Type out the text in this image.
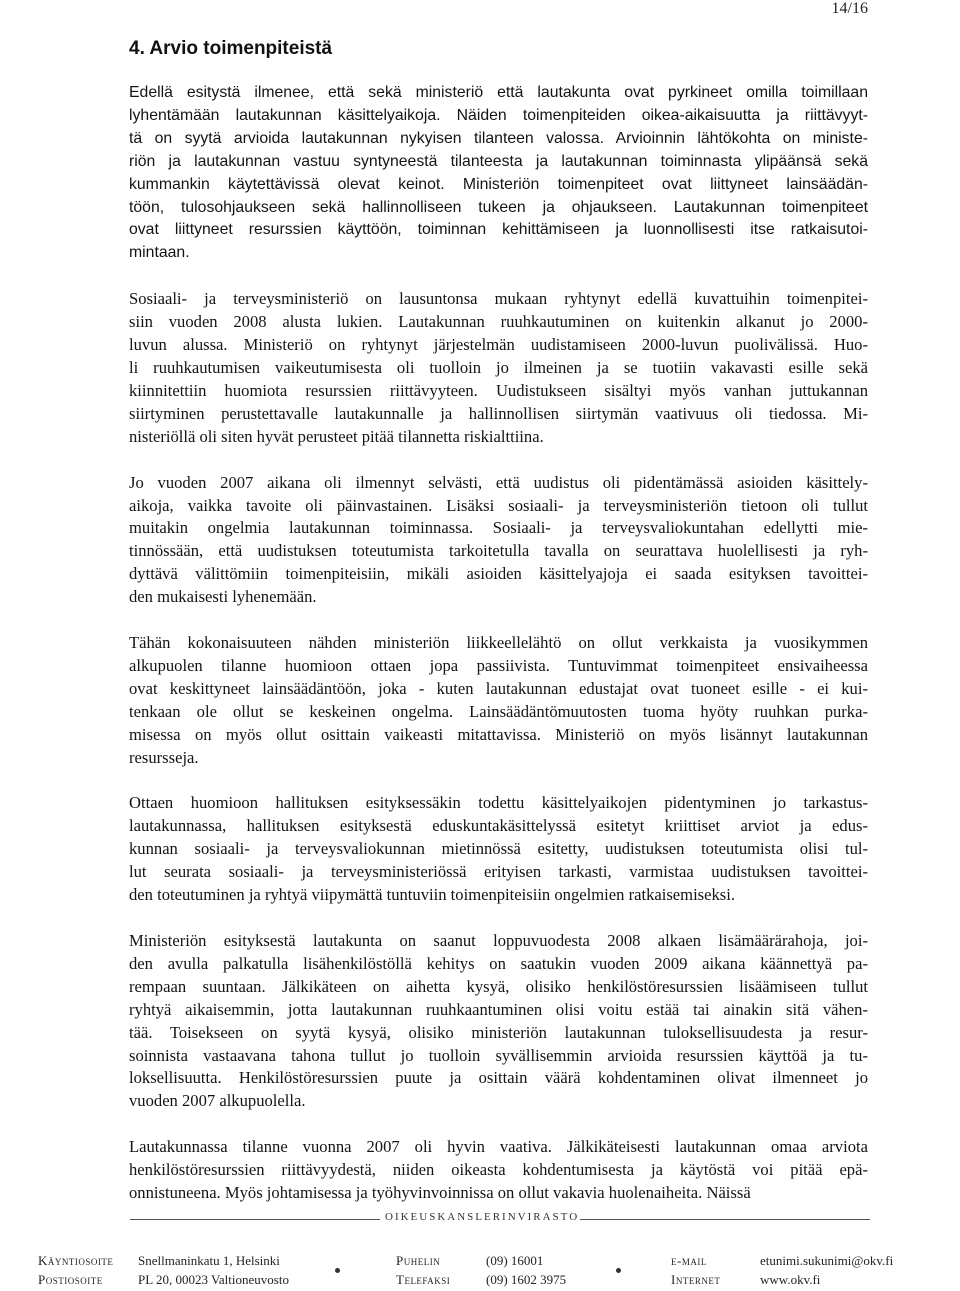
14/16
4. Arvio toimenpiteistä

Edellä esitystä ilmenee, että sekä ministeriö että lautakunta ovat pyrkineet omilla toimillaan
lyhentämään lautakunnan käsittelyaikoja. Näiden toimenpiteiden oikea-aikaisuutta ja riittävyyt-
tä on syytä arvioida lautakunnan nykyisen tilanteen valossa. Arvioinnin lähtökohta on ministe-
riön ja lautakunnan vastuu syntyneestä tilanteesta ja lautakunnan toiminnasta ylipäänsä sekä
kummankin käytettävissä olevat keinot. Ministeriön toimenpiteet ovat liittyneet lainsäädän-
töön, tulosohjaukseen sekä hallinnolliseen tukeen ja ohjaukseen. Lautakunnan toimenpiteet
ovat liittyneet resurssien käyttöön, toiminnan kehittämiseen ja luonnollisesti itse ratkaisutoi-
mintaan.

Sosiaali- ja terveysministeriö on lausuntonsa mukaan ryhtynyt edellä kuvattuihin toimenpitei-
siin vuoden 2008 alusta lukien. Lautakunnan ruuhkautuminen on kuitenkin alkanut jo 2000-
luvun alussa. Ministeriö on ryhtynyt järjestelmän uudistamiseen 2000-luvun puolivälissä. Huo-
li ruuhkautumisen vaikeutumisesta oli tuolloin jo ilmeinen ja se tuotiin vakavasti esille sekä
kiinnitettiin huomiota resurssien riittävyyteen. Uudistukseen sisältyi myös vanhan juttukannan
siirtyminen perustettavalle lautakunnalle ja hallinnollisen siirtymän vaativuus oli tiedossa. Mi-
nisteriöllä oli siten hyvät perusteet pitää tilannetta riskialttiina.

Jo vuoden 2007 aikana oli ilmennyt selvästi, että uudistus oli pidentämässä asioiden käsittely-
aikoja, vaikka tavoite oli päinvastainen. Lisäksi sosiaali- ja terveysministeriön tietoon oli tullut
muitakin ongelmia lautakunnan toiminnassa. Sosiaali- ja terveysvaliokuntahan edellytti mie-
tinnössään, että uudistuksen toteutumista tarkoitetulla tavalla on seurattava huolellisesti ja ryh-
dyttävä välittömiin toimenpiteisiin, mikäli asioiden käsittelyajoja ei saada esityksen tavoittei-
den mukaisesti lyhenemään.

Tähän kokonaisuuteen nähden ministeriön liikkeellelähtö on ollut verkkaista ja vuosikymmen
alkupuolen tilanne huomioon ottaen jopa passiivista. Tuntuvimmat toimenpiteet ensivaiheessa
ovat keskittyneet lainsäädäntöön, joka - kuten lautakunnan edustajat ovat tuoneet esille - ei kui-
tenkaan ole ollut se keskeinen ongelma. Lainsäädäntömuutosten tuoma hyöty ruuhkan purka-
misessa on myös ollut osittain vaikeasti mitattavissa. Ministeriö on myös lisännyt lautakunnan
resursseja.

Ottaen huomioon hallituksen esityksessäkin todettu käsittelyaikojen pidentyminen jo tarkastus-
lautakunnassa, hallituksen esityksestä eduskuntakäsittelyssä esitetyt kriittiset arviot ja edus-
kunnan sosiaali- ja terveysvaliokunnan mietinnössä esitetty, uudistuksen toteutumista olisi tul-
lut seurata sosiaali- ja terveysministeriössä erityisen tarkasti, varmistaa uudistuksen tavoittei-
den toteutuminen ja ryhtyä viipymättä tuntuviin toimenpiteisiin ongelmien ratkaisemiseksi.

Ministeriön esityksestä lautakunta on saanut loppuvuodesta 2008 alkaen lisämäärärahoja, joi-
den avulla palkatulla lisähenkilöstöllä kehitys on saatukin vuoden 2009 aikana käännettyä pa-
rempaan suuntaan. Jälkikäteen on aihetta kysyä, olisiko henkilöstöresurssien lisäämiseen tullut
ryhtyä aikaisemmin, jotta lautakunnan ruuhkaantuminen olisi voitu estää tai ainakin sitä vähen-
tää. Toisekseen on syytä kysyä, olisiko ministeriön lautakunnan tuloksellisuudesta ja resur-
soinnista vastaavana tahona tullut jo tuolloin syvällisemmin arvioida resurssien käyttöä ja tu-
loksellisuutta. Henkilöstöresurssien puute ja osittain väärä kohdentaminen olivat ilmenneet jo
vuoden 2007 alkupuolella.

Lautakunnassa tilanne vuonna 2007 oli hyvin vaativa. Jälkikäteisesti lautakunnan omaa arviota
henkilöstöresurssien riittävyydestä, niiden oikeasta kohdentumisesta ja käytöstä voi pitää epä-
onnistuneena. Myös johtamisessa ja työhyvinvoinnissa on ollut vakavia huolenaiheita. Näissä

OIKEUSKANSLERINVIRASTO
Käyntiosoite Snellmaninkatu 1, Helsinki	Puhelin	(09) 16001	e-mail	etunimi.sukunimi@okv.fi
Postiosoite	PL 20, 00023 Valtioneuvosto	Telefaksi	(09) 1602 3975	Internet	www.okv.fi
